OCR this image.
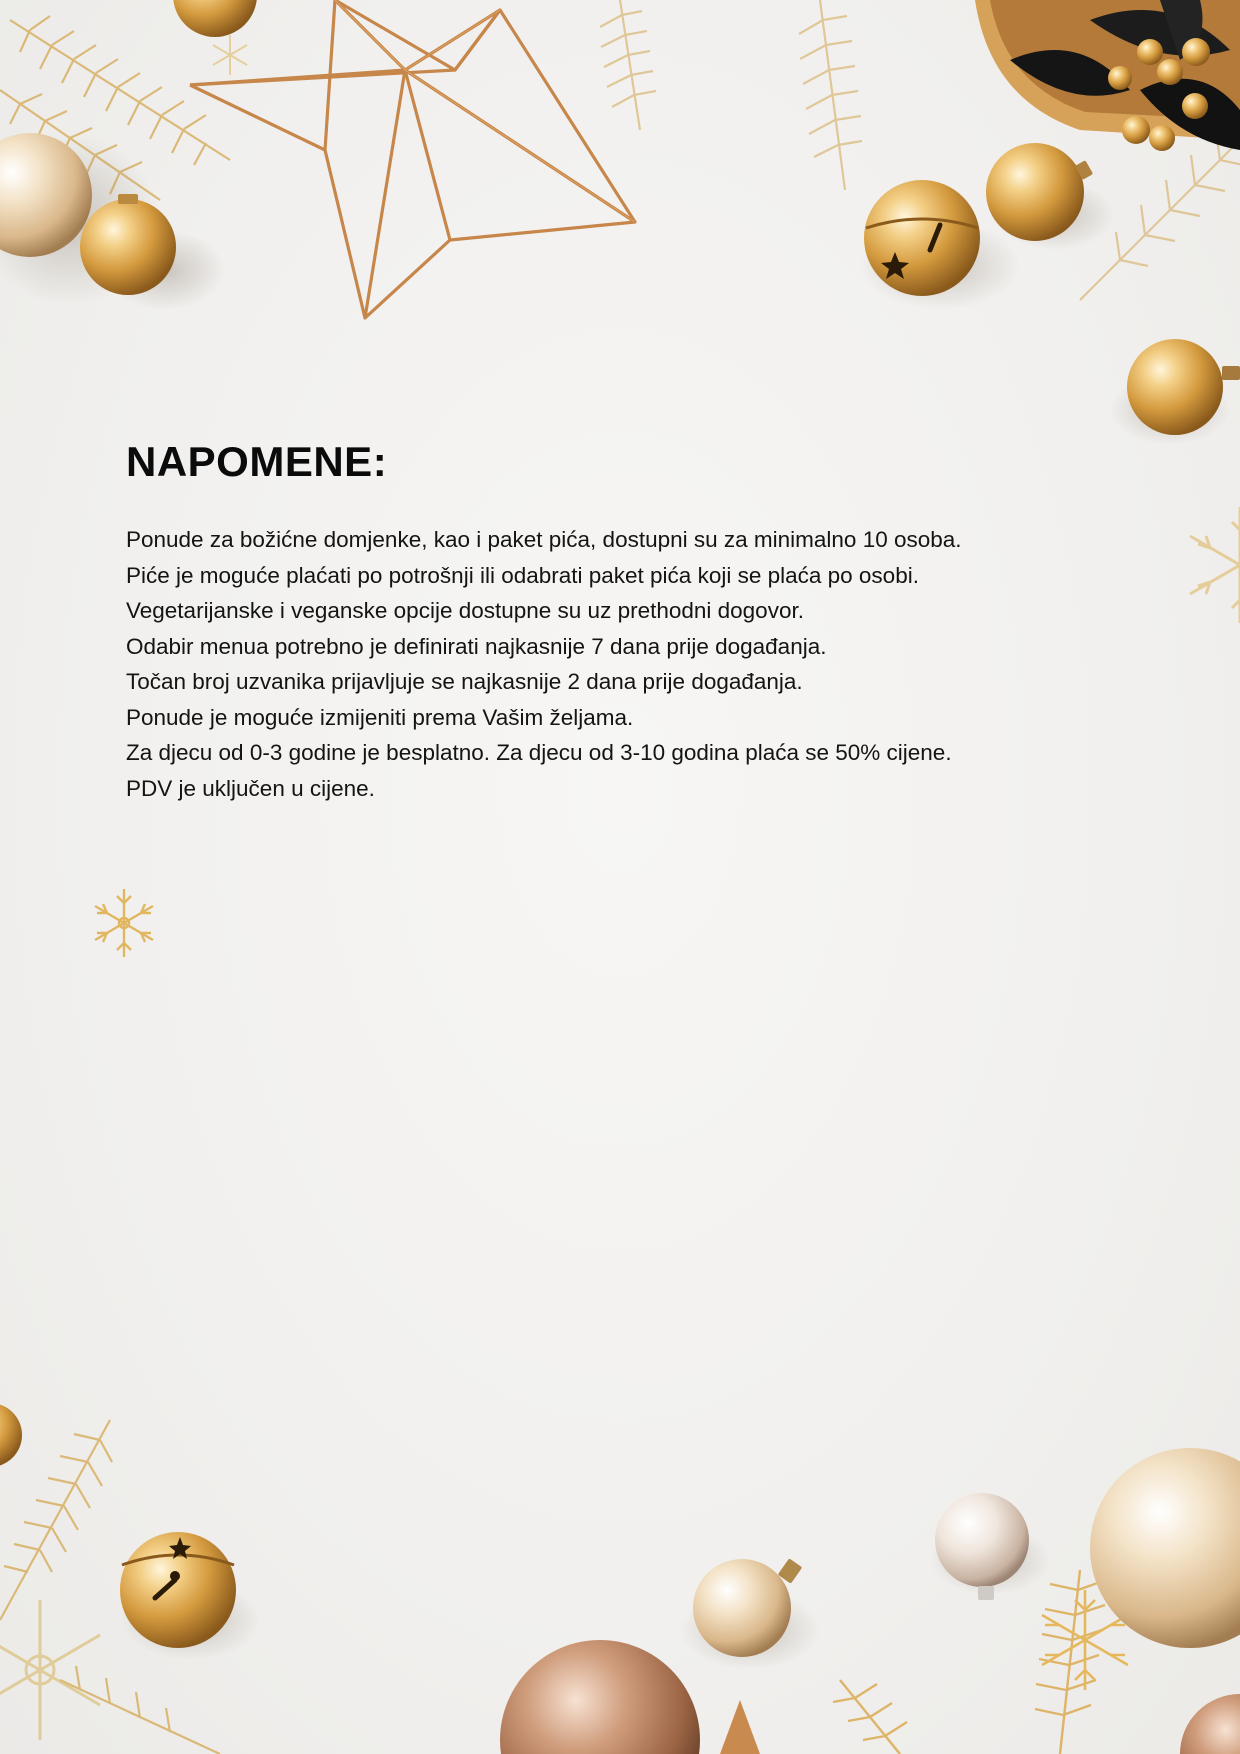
NAPOMENE:
Ponude za božićne domjenke, kao i paket pića, dostupni su za minimalno 10 osoba.
Piće je moguće plaćati po potrošnji ili odabrati paket pića koji se plaća po osobi.
Vegetarijanske i veganske opcije dostupne su uz prethodni dogovor.
Odabir menua potrebno je definirati najkasnije 7 dana prije događanja.
Točan broj uzvanika prijavljuje se najkasnije 2 dana prije događanja.
Ponude je moguće izmijeniti prema Vašim željama.
Za djecu od 0-3 godine je besplatno. Za djecu od 3-10 godina plaća se 50% cijene.
PDV je uključen u cijene.
